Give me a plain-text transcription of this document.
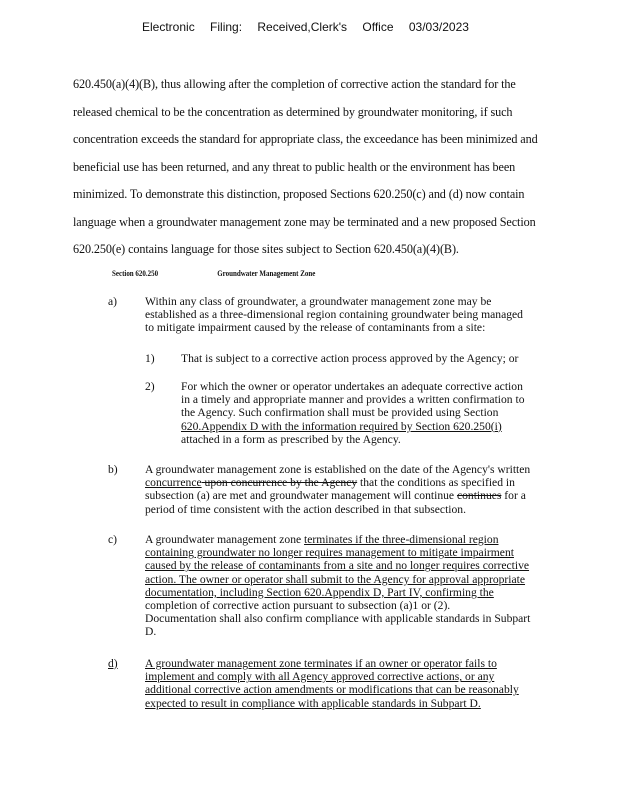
Electronic Filing: Received,Clerk's Office 03/03/2023

620.450(a)(4)(B), thus allowing after the completion of corrective action the standard for the

released chemical to be the concentration as determined by groundwater monitoring, if such

concentration exceeds the standard for appropriate class, the exceedance has been minimized and

beneficial use has been returned, and any threat to public health or the environment has been

minimized. To demonstrate this distinction, proposed Sections 620.250(c) and (d) now contain

language when a groundwater management zone may be terminated and a new proposed Section

620.250(e) contains language for those sites subject to Section 620.450(a)(4)(B).

Section 620.250	Groundwater Management Zone
a) Within any class of groundwater, a groundwater management zone may be

established as a three-dimensional region containing groundwater being managed

to mitigate impairment caused by the release of contaminants from a site:

1) That is subject to a corrective action process approved by the Agency; or

2) For which the owner or operator undertakes an adequate corrective action

in a timely and appropriate manner and provides a written confirmation to

the Agency. Such confirmation shall must be provided using Section

620.Appendix D with the information required by Section 620.250(i)

attached in a form as prescribed by the Agency.

b) A groundwater management zone is established on the date of the Agency's written

concurrence upon concurrence by the Agency that the conditions as specified in

subsection (a) are met and groundwater management will continue continues for a

period of time consistent with the action described in that subsection.

c) A groundwater management zone terminates if the three-dimensional region

containing groundwater no longer requires management to mitigate impairment

caused by the release of contaminants from a site and no longer requires corrective

action. The owner or operator shall submit to the Agency for approval appropriate

documentation, including Section 620.Appendix D, Part IV, confirming the

completion of corrective action pursuant to subsection (a)1 or (2).

Documentation shall also confirm compliance with applicable standards in Subpart

D.

d) A groundwater management zone terminates if an owner or operator fails to

implement and comply with all Agency approved corrective actions, or any

additional corrective action amendments or modifications that can be reasonably

expected to result in compliance with applicable standards in Subpart D.
